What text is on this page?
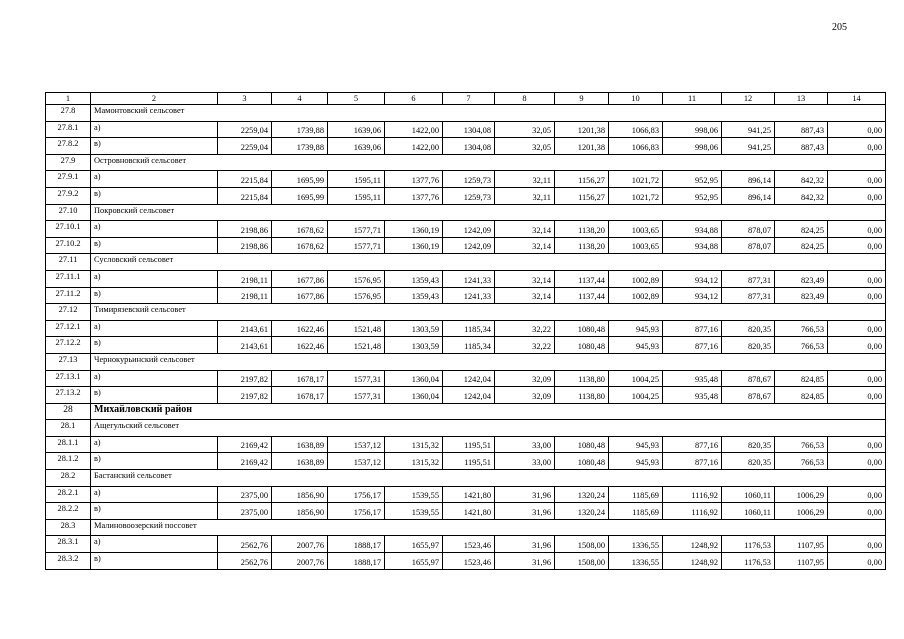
205
1	2	3	4	5	6	7	8	9	10	11	12	13	14
27.8	Мамонтовский сельсовет												
27.8.1	а)	2259,04	1739,88	1639,06	1422,00	1304,08	32,05	1201,38	1066,83	998,06	941,25	887,43	0,00
27.8.2	в)	2259,04	1739,88	1639,06	1422,00	1304,08	32,05	1201,38	1066,83	998,06	941,25	887,43	0,00
27.9	Островновский сельсовет												
27.9.1	а)	2215,84	1695,99	1595,11	1377,76	1259,73	32,11	1156,27	1021,72	952,95	896,14	842,32	0,00
27.9.2	в)	2215,84	1695,99	1595,11	1377,76	1259,73	32,11	1156,27	1021,72	952,95	896,14	842,32	0,00
27.10	Покровский сельсовет												
27.10.1	а)	2198,86	1678,62	1577,71	1360,19	1242,09	32,14	1138,20	1003,65	934,88	878,07	824,25	0,00
27.10.2	в)	2198,86	1678,62	1577,71	1360,19	1242,09	32,14	1138,20	1003,65	934,88	878,07	824,25	0,00
27.11	Сусловский сельсовет												
27.11.1	а)	2198,11	1677,86	1576,95	1359,43	1241,33	32,14	1137,44	1002,89	934,12	877,31	823,49	0,00
27.11.2	в)	2198,11	1677,86	1576,95	1359,43	1241,33	32,14	1137,44	1002,89	934,12	877,31	823,49	0,00
27.12	Тимирязевский сельсовет												
27.12.1	а)	2143,61	1622,46	1521,48	1303,59	1185,34	32,22	1080,48	945,93	877,16	820,35	766,53	0,00
27.12.2	в)	2143,61	1622,46	1521,48	1303,59	1185,34	32,22	1080,48	945,93	877,16	820,35	766,53	0,00
27.13	Чернокурьинский сельсовет												
27.13.1	а)	2197,82	1678,17	1577,31	1360,04	1242,04	32,09	1138,80	1004,25	935,48	878,67	824,85	0,00
27.13.2	в)	2197,82	1678,17	1577,31	1360,04	1242,04	32,09	1138,80	1004,25	935,48	878,67	824,85	0,00
28	Михайловский район												
28.1	Ащегульский сельсовет												
28.1.1	а)	2169,42	1638,89	1537,12	1315,32	1195,51	33,00	1080,48	945,93	877,16	820,35	766,53	0,00
28.1.2	в)	2169,42	1638,89	1537,12	1315,32	1195,51	33,00	1080,48	945,93	877,16	820,35	766,53	0,00
28.2	Бастанский сельсовет												
28.2.1	а)	2375,00	1856,90	1756,17	1539,55	1421,80	31,96	1320,24	1185,69	1116,92	1060,11	1006,29	0,00
28.2.2	в)	2375,00	1856,90	1756,17	1539,55	1421,80	31,96	1320,24	1185,69	1116,92	1060,11	1006,29	0,00
28.3	Малиновоозерский поссовет												
28.3.1	а)	2562,76	2007,76	1888,17	1655,97	1523,46	31,96	1508,00	1336,55	1248,92	1176,53	1107,95	0,00
28.3.2	в)	2562,76	2007,76	1888,17	1655,97	1523,46	31,96	1508,00	1336,55	1248,92	1176,53	1107,95	0,00
